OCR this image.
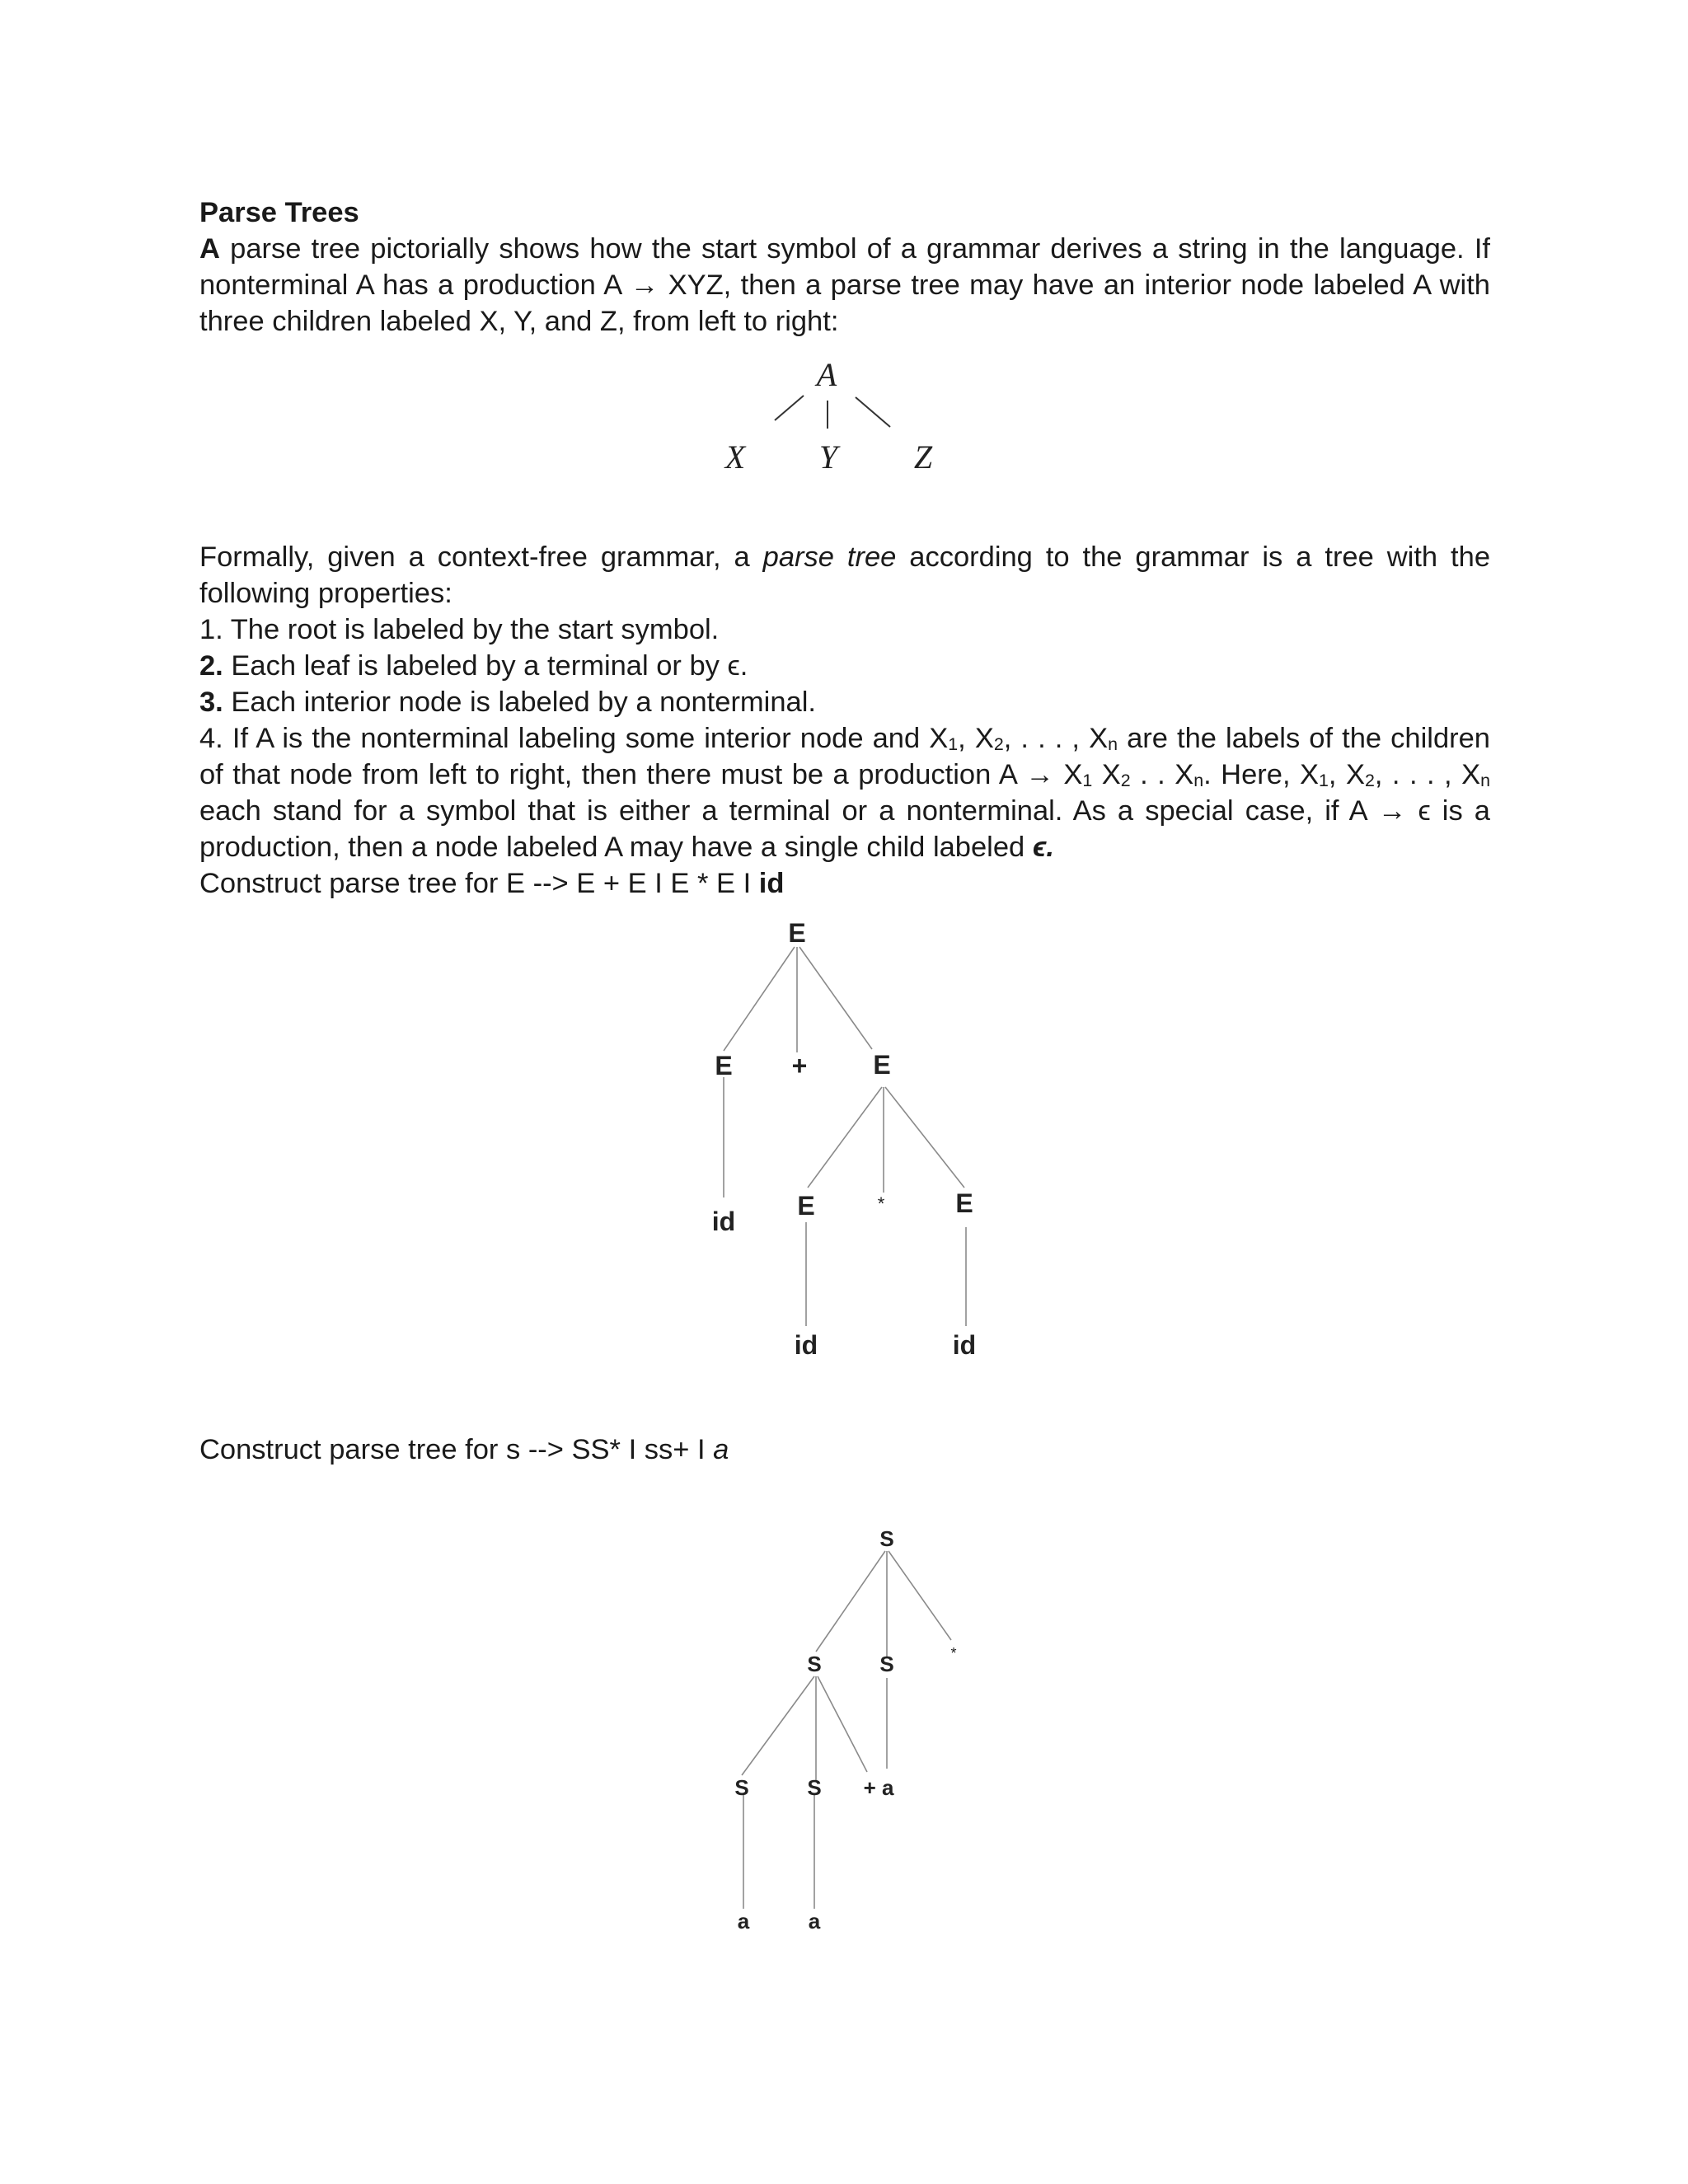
Parse Trees

A parse tree pictorially shows how the start symbol of a grammar derives a string in the language. If nonterminal A has a production A → XYZ, then a parse tree may have an interior node labeled A with three children labeled X, Y, and Z, from left to right:

A
X Y Z

Formally, given a context-free grammar, a parse tree according to the grammar is a tree with the following properties:

1. The root is labeled by the start symbol.

2. Each leaf is labeled by a terminal or by ϵ.

3. Each interior node is labeled by a nonterminal.

4. If A is the nonterminal labeling some interior node and $X_1$, $X_2$, . . . , $X_n$ are the labels of the children of that node from left to right, then there must be a production $A \to X_1$ $X_2$ . . $X_n$. Here, $X_1$, $X_2$, . . . , $X_n$ each stand for a symbol that is either a terminal or a nonterminal. As a special case, if A → ϵ is a production, then a node labeled A may have a single child labeled ϵ.

Construct parse tree for E --> E + E I E * E I id

E
E + E
id
E	*	E
id	id

Construct parse tree for s --> SS* I ss+ I a

S
S	S	*
S	S + a
a	a
